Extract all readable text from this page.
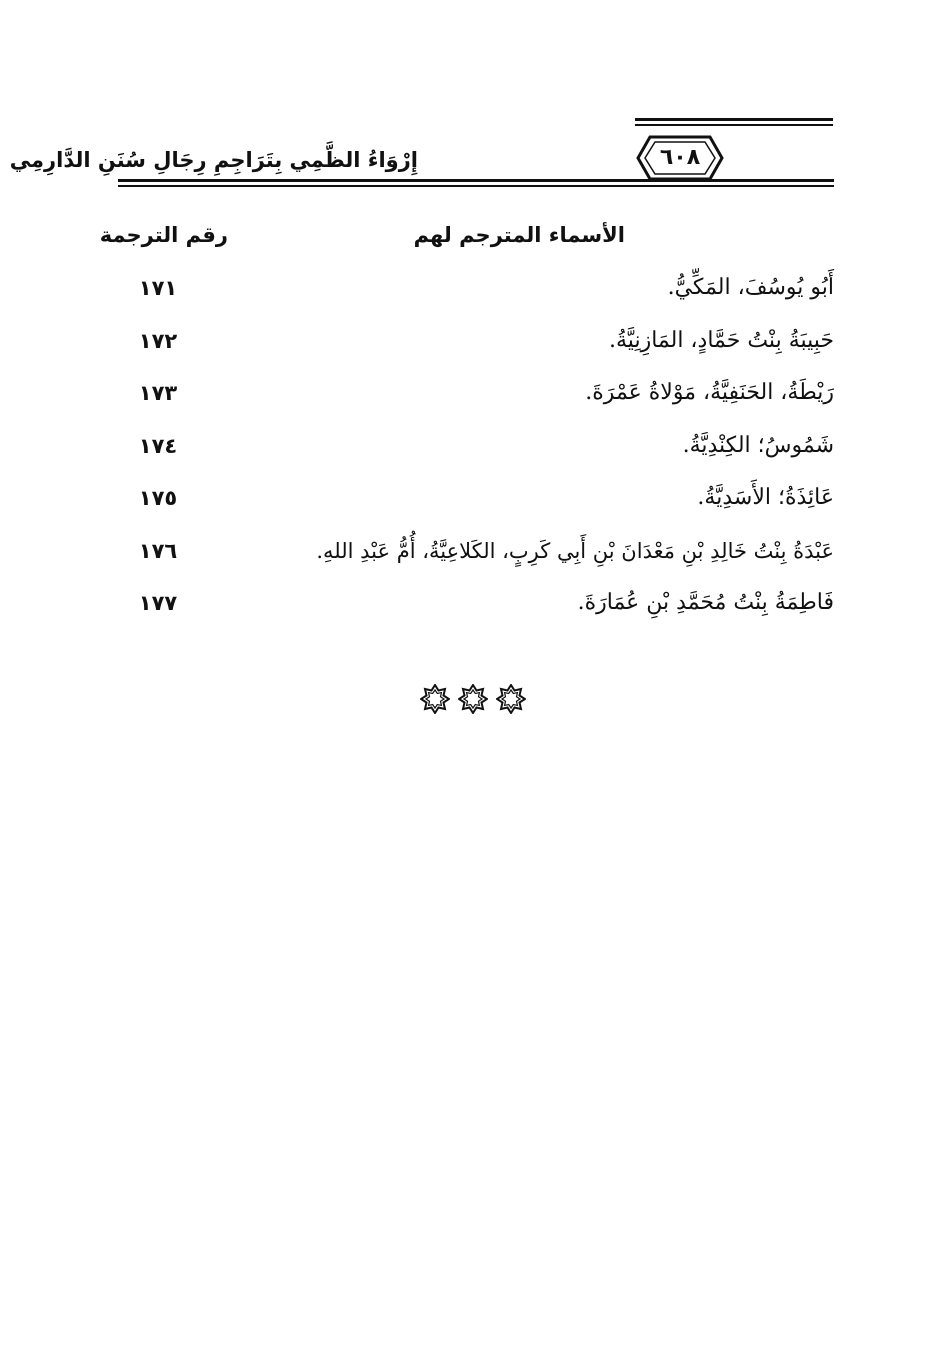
٦٠٨
إِرْوَاءُ الظَّمِي بِتَرَاجِمِ رِجَالِ سُنَنِ الدَّارِمِي
الأسماء المترجم لهم
رقم الترجمة
أَبُو يُوسُفَ، المَكِّيُّ.
١٧١
حَبِيبَةُ بِنْتُ حَمَّادٍ، المَازِنِيَّةُ.
١٧٢
رَيْطَةُ، الحَنَفِيَّةُ، مَوْلاةُ عَمْرَةَ.
١٧٣
شَمُوسُ؛ الكِنْدِيَّةُ.
١٧٤
عَائِذَةُ؛ الأَسَدِيَّةُ.
١٧٥
عَبْدَةُ بِنْتُ خَالِدِ بْنِ مَعْدَانَ بْنِ أَبِي كَرِبٍ، الكَلاعِيَّةُ، أُمُّ عَبْدِ اللهِ.
١٧٦
فَاطِمَةُ بِنْتُ مُحَمَّدِ بْنِ عُمَارَةَ.
١٧٧
